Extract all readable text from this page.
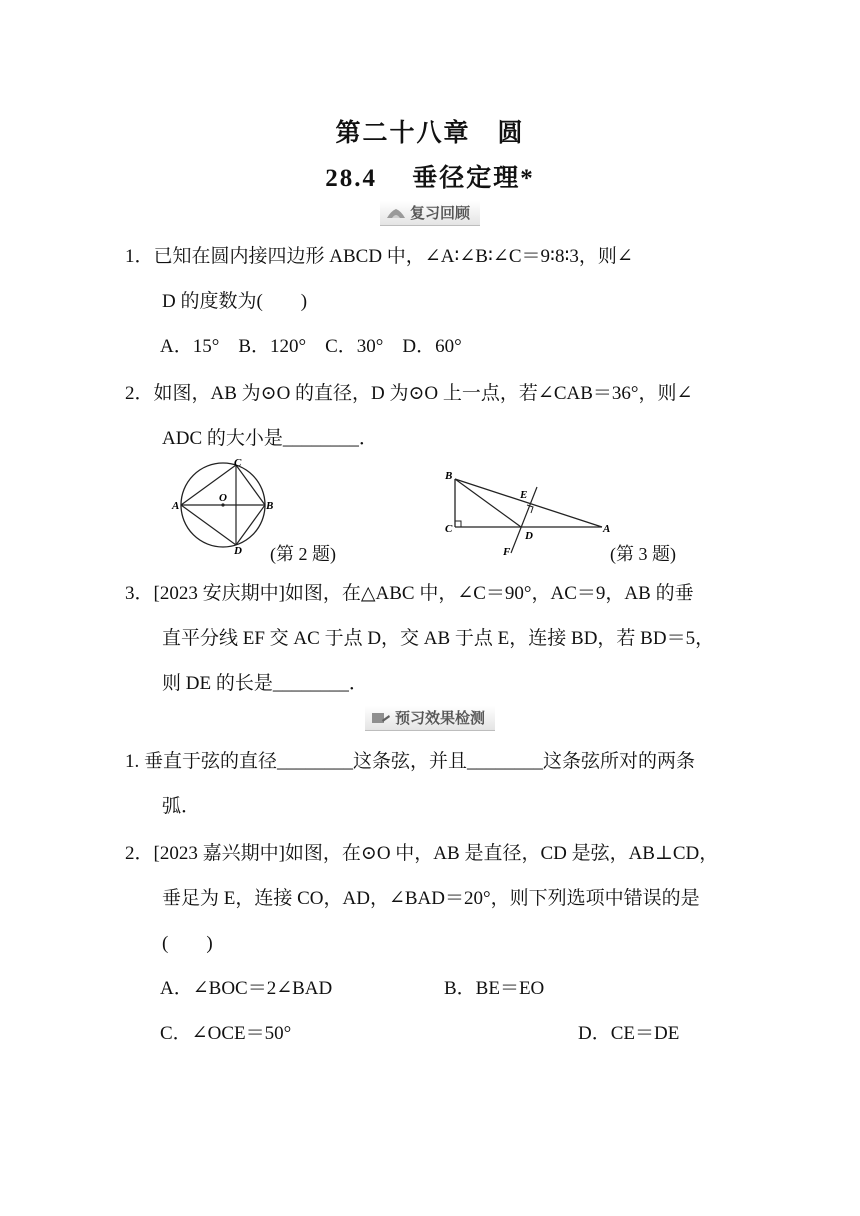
第二十八章　圆
28.4　 垂径定理*
复习回顾
1．已知在圆内接四边形 ABCD 中，∠A∶∠B∶∠C＝9∶8∶3，则∠
D 的度数为(　　)
A．15°　B．120°　C．30°　D．60°
2．如图，AB 为⊙O 的直径，D 为⊙O 上一点，若∠CAB＝36°，则∠
ADC 的大小是________．
C
O
A	B
D (第 2 题)
B
E
C
D
A
F	(第 3 题)
3．[2023 安庆期中]如图，在△ABC 中，∠C＝90°，AC＝9，AB 的垂
直平分线 EF 交 AC 于点 D，交 AB 于点 E，连接 BD，若 BD＝5，
则 DE 的长是________．
预习效果检测
1. 垂直于弦的直径________这条弦，并且________这条弦所对的两条
弧．
2．[2023 嘉兴期中]如图，在⊙O 中，AB 是直径，CD 是弦，AB⊥CD，
垂足为 E，连接 CO，AD，∠BAD＝20°，则下列选项中错误的是
(　　)
A．∠BOC＝2∠BAD	B．BE＝EO
C．∠OCE＝50°	D．CE＝DE
